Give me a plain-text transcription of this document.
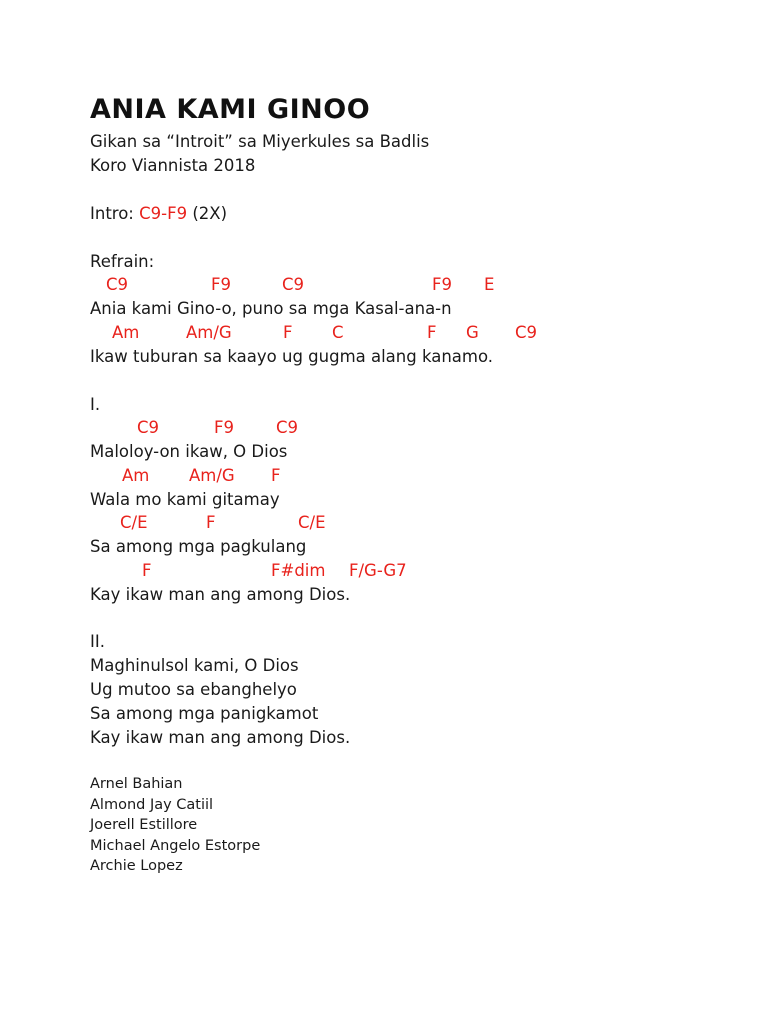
ANIA KAMI GINOO
Gikan sa “Introit” sa Miyerkules sa Badlis
Koro Viannista 2018
Intro: C9-F9 (2X)
Refrain:
C9	F9	C9	F9 E
Ania kami Gino-o, puno sa mga Kasal-ana-n
Am	Am/G	F C	F G C9
Ikaw tuburan sa kaayo ug gugma alang kanamo.
I.
C9	F9	C9
Maloloy-on ikaw, O Dios
Am Am/G F
Wala mo kami gitamay
C/E	F	C/E
Sa among mga pagkulang
F	F#dim F/G-G7
Kay ikaw man ang among Dios.
II.
Maghinulsol kami, O Dios
Ug mutoo sa ebanghelyo
Sa among mga panigkamot
Kay ikaw man ang among Dios.
Arnel Bahian
Almond Jay Catiil
Joerell Estillore
Michael Angelo Estorpe
Archie Lopez
